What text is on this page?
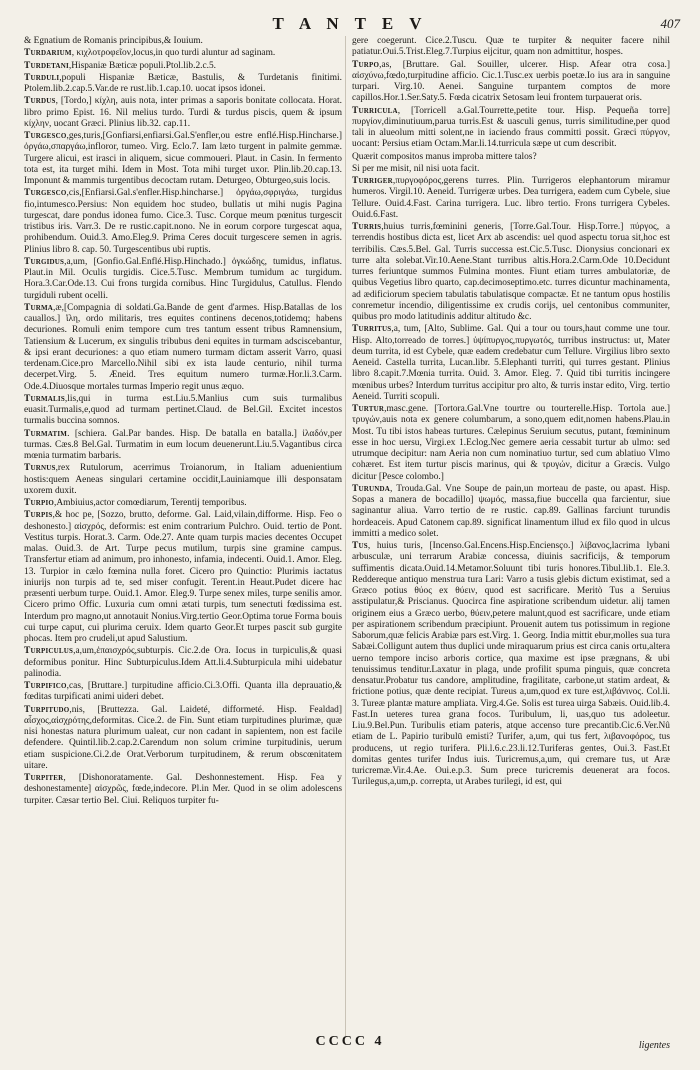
T A N T E V	407

& Egnatium de Romanis principibus,& Iouium.

Turdarium, κιχλοτροφεῖον,locus,in quo turdi aluntur ad saginam.

Turdetani,Hispaniæ Bæticæ populi.Ptol.lib.2.c.5.

Turduli,populi Hispaniæ Bæticæ, Bastulis, & Turdetanis finitimi. Ptolem.lib.2.cap.5.Var.de re rust.lib.1.cap.10. uocat ipsos idonei.

Turdus, [Tordo,] κίχλη, auis nota, inter primas a saporis bonitate collocata. Horat. libro primo Epist. 16. Nil melius turdo. Turdi & turdus piscis, quem & ipsum κίχλην, uocant Græci. Plinius lib.32. cap.11.

Turgesco,ges,turis,[Gonfiarsi,enfiarsi.Gal.S'enfler,ou estre enflé.Hisp.Hincharse.] ὀργάω,σπαργάω,infloror, tumeo. Virg. Eclo.7. Iam læto turgent in palmite gemmæ. Turgere alicui, est irasci in aliquem, sicue commoueri. Plaut. in Casin. In fermento tota est, ita turget mihi. Idem in Most. Tota mihi turget uxor. Plin.lib.20.cap.13. Imponunt & mammis turgentibus decoctam rutam. Deturgeo, Obturgeo,suis locis.

Turgesco,cis,[Enfiarsi.Gal.s'enfler.Hisp.hincharse.] ὀργάω,σφριγάω, turgidus fio,intumesco.Persius: Non equidem hoc studeo, bullatis ut mihi nugis Pagina turgescat, dare pondus idonea fumo. Cice.3. Tusc. Corque meum pœnitus turgescit tristibus iris. Varr.3. De re rustic.capit.nono. Ne in eorum corpore turgescat aqua, prohibendum. Ouid.3. Amo.Eleg.9. Prima Ceres docuit turgescere semen in agris. Plinius libro 8. cap. 50. Turgescentibus ubi ruptis.

Turgidus,a,um, [Gonfio.Gal.Enflé.Hisp.Hinchado.] ὀγκώδης, tumidus, inflatus. Plaut.in Mil. Oculis turgidis. Cice.5.Tusc. Membrum tumidum ac turgidum. Hora.3.Car.Ode.13. Cui frons turgida cornibus. Hinc Turgidulus, Catullus. Flendo turgiduli rubent ocelli.

Turma,æ,[Compagnia di soldati.Ga.Bande de gent d'armes. Hisp.Batallas de los cauallos.] ἴλη, ordo militaris, tres equites continens decenos,totidemq; habens decuriones. Romuli enim tempore cum tres tantum essent tribus Ramnensium, Tatiensium & Lucerum, ex singulis tribubus deni equites in turmam adsciscebantur, & ipsi erant decuriones: a quo etiam numero turmam dictam asserit Varro, quasi terdenam.Cice.pro Marcello.Nihil sibi ex ista laude centurio, nihil turma decerpet.Virg. 5. Æneid. Tres equitum numero turmæ.Hor.li.3.Carm. Ode.4.Diuosque mortales turmas Imperio regit unus æquo.

Turmalis,lis,qui in turma est.Liu.5.Manlius cum suis turmalibus euasit.Turmalis,e,quod ad turmam pertinet.Claud. de Bel.Gil. Excitet incestos turmalis buccina somnos.

Turmatim. [schiera. Gal.Par bandes. Hisp. De batalla en batalla.] ἰλαδόν,per turmas. Cæs.8 Bel.Gal. Turmatim in eum locum deuenerunt.Liu.5.Vagantibus circa mœnia turmatim barbaris.

Turnus,rex Rutulorum, acerrimus Troianorum, in Italiam aduenientium hostis:quem Aeneas singulari certamine occidit,Lauiniamque illi desponsatam uxorem duxit.

Turpio,Ambiuius,actor comœdiarum, Terentij temporibus.

Turpis,& hoc pe, [Sozzo, brutto, deforme. Gal. Laid,vilain,difforme. Hisp. Feo o deshonesto.] αἰσχρός, deformis: est enim contrarium Pulchro. Ouid. tertio de Pont. Vestitus turpis. Horat.3. Carm. Ode.27. Ante quam turpis macies decentes Occupet malas. Ouid.3. de Art. Turpe pecus mutilum, turpis sine gramine campus. Transfertur etiam ad animum, pro inhonesto, infamia, indecenti. Ouid.1. Amor. Eleg. 13. Turpior in cælo fœmina nulla foret. Cicero pro Quinctio: Plurimis iactatus iniurijs non turpis ad te, sed miser confugit. Terent.in Heaut.Pudet dicere hac præsenti uerbum turpe. Ouid.1. Amor. Eleg.9. Turpe senex miles, turpe senilis amor. Cicero primo Offic. Luxuria cum omni ætati turpis, tum senectuti fœdissima est. Interdum pro magno,ut annotauit Nonius.Virg.tertio Geor.Optima torue Forma bouis cui turpe caput, cui plurima ceruix. Idem quarto Geor.Et turpes pascit sub gurgite phocas. Item pro crudeli,ut apud Salustium.

Turpiculus,a,um,ἐπαισχρός,subturpis. Cic.2.de Ora. Iocus in turpiculis,& quasi deformibus ponitur. Hinc Subturpiculus.Idem Att.li.4.Subturpicula mihi uidebatur palinodia.

Turpifico,cas, [Bruttare.] turpitudine afficio.Ci.3.Offi. Quanta illa deprauatio,& fœditas turpificati animi uideri debet.

Turpitudo,nis, [Bruttezza. Gal. Laideté, difformeté. Hisp. Fealdad] αἶσχος,αἰσχρότης,deformitas. Cice.2. de Fin. Sunt etiam turpitudines plurimæ, quæ nisi honestas natura plurimum ualeat, cur non cadant in sapientem, non est facile defendere. Quintil.lib.2.cap.2.Carendum non solum crimine turpitudinis, uerum etiam suspicione.Ci.2.de Orat.Verborum turpitudinem, & rerum obscœnitatem uitare.

Turpiter, [Dishonoratamente. Gal. Deshonnestement. Hisp. Fea y deshonestamente] αἰσχρῶς, fœde,indecore. Pl.in Mer. Quod in se olim adolescens turpiter. Cæsar tertio Bel. Ciui. Reliquos turpiter fu-

gere coegerunt. Cice.2.Tuscu. Quæ te turpiter & nequiter facere nihil patiatur.Oui.5.Trist.Eleg.7.Turpius eijcitur, quam non admittitur, hospes.

Turpo,as, [Bruttare. Gal. Souiller, ulcerer. Hisp. Afear otra cosa.] αἰσχύνω,fœdo,turpitudine afficio. Cic.1.Tusc.ex uerbis poetæ.Io ius ara in sanguine turpari. Virg.10. Aenei. Sanguine turpantem comptos de more capillos.Hor.1.Ser.Saty.5. Fœda cicatrix Setosam leui frontem turpauerat oris.

Turricula, [Torricell a.Gal.Tourrette,petite tour. Hisp. Pequeña torre] πυργίον,diminutiuum,parua turris.Est & uasculi genus, turris similitudine,per quod tali in alueolum mitti solent,ne in iaciendo fraus committi possit. Græci πύργον, uocant: Persius etiam Octam.Mar.li.14.turricula sæpe ut cum describit.

Quærit compositos manus improba mittere talos?

Si per me misit, nil nisi uota facit.

Turriger,πυργοφόρος,gerens turres. Plin. Turrigeros elephantorum miramur humeros. Virgil.10. Aeneid. Turrigeræ urbes. Dea turrigera, eadem cum Cybele, siue Tellure. Ouid.4.Fast. Carina turrigera. Luc. libro tertio. Frons turrigera Cybeles. Ouid.6.Fast.

Turris,huius turris,fœminini generis, [Torre.Gal.Tour. Hisp.Torre.] πύργος, a terrendis hostibus dicta est, licet Arx ab ascendis: uel quod aspectu torua sit,hoc est terribilis. Cæs.5.Bel. Gal. Turris successa est.Cic.5.Tusc. Dionysius concionari ex turre alta solebat.Vir.10.Aene.Stant turribus altis.Hora.2.Carm.Ode 10.Decidunt turres feriuntque summos Fulmina montes. Fiunt etiam turres ambulatoriæ, de quibus Vegetius libro quarto, cap.decimoseptimo.etc. turres dicuntur machinamenta, ad ædificiorum speciem tabulatis tabulatisque compactæ. Et ne tantum opus hostilis conremetur incendio, diligentissime ex crudis corijs, uel centonibus communiter, quibus pro modo latitudinis additur altitudo &c.

Turritus,a, tum, [Alto, Sublime. Gal. Qui a tour ou tours,haut comme une tour. Hisp. Alto,torreado de torres.] ὑψίπυργος,πυργωτός, turribus instructus: ut, Mater deum turrita, id est Cybele, quæ eadem credebatur cum Tellure. Virgilius libro sexto Aeneid. Castella turrita, Lucan.libr. 5.Elephanti turriti, qui turres gestant. Plinius libro 8.capit.7.Mœnia turrita. Ouid. 3. Amor. Eleg. 7. Quid tibi turritis incingere mœnibus urbes? Interdum turritus accipitur pro alto, & turris instar edito, Virg. tertio Aeneid. Turriti scopuli.

Turtur,masc.gene. [Tortora.Gal.Vne tourtre ou tourterelle.Hisp. Tortola aue.] τρυγών,auis nota ex genere columbarum, a sono,quem edit,nomen habens.Plau.in Most. Tu tibi istos habeas turtures. Cælepinus Seruium secutus, putant, fœmininum esse in hoc uersu, Virgi.ex 1.Eclog.Nec gemere aeria cessabit turtur ab ulmo: sed utrumque decipitur: nam Aeria non cum nominatiuo turtur, sed cum ablatiuo Vlmo cohæret. Est item turtur piscis marinus, qui & τρυγών, dicitur a Græcis. Vulgo dicitur [Pesce colombo.]

Turunda, Trouda.Gal. Vne Soupe de pain,un morteau de paste, ou apast. Hisp. Sopas a manera de bocadillo] ψωμός, massa,fiue buccella qua farcientur, siue saginantur aliua. Varro tertio de re rustic. cap.89. Gallinas farciunt turundis hordeaceis. Apud Catonem cap.89. significat linamentum illud ex filo quod in ulcus immitti a medico solet.

Tus, huius turis, [Incenso.Gal.Encens.Hisp.Enciensço.] λίβανος,lacrima lybani arbusculæ, uni terrarum Arabiæ concessa, diuinis sacrificijs, & temporum suffimentis dicata.Ouid.14.Metamor.Soluunt tibi turis honores.Tibul.lib.1. Ele.3. Reddereque antiquo menstrua tura Lari: Varro a tusis glebis dictum existimat, sed a Græco potius θύος ex θύειν, quod est sacrificare. Meritò Tus a Seruius asstipulatur,& Priscianus. Quocirca fine aspiratione scribendum uidetur. alij tamen originem eius a Græco uerbo, θύειν,petere malunt,quod est sacrificare, unde etiam per aspirationem scribendum præcipiunt. Prouenit autem tus potissimum in regione Saborum,quæ felicis Arabiæ pars est.Virg. 1. Georg. India mittit ebur,molles sua tura Sabæi.Colligunt autem thus duplici unde miraquarum prius est circa canis ortu,altera uerno tempore inciso arboris cortice, qua maxime est ipse prægnans, & ubi tenuissimus tenditur.Laxatur in plaga, unde profilit spuma pinguis, quæ concreta densatur.Probatur tus candore, amplitudine, fragilitate, carbone,ut statim ardeat, & frictione potius, quæ dente recipiat. Tureus a,um,quod ex ture est,λιβάνινος. Col.li. 3. Tureæ plantæ mature ampliata. Virg.4.Ge. Solis est turea uirga Sabæis. Ouid.lib.4. Fast.In ueteres turea grana focos. Turibulum, li, uas,quo tus adoleetur. Liu.9.Bel.Pun. Turibulis etiam pateris, atque accenso ture precantib.Cic.6.Ver.Nû etiam de L. Papirio turibulū emisti? Turifer, a,um, qui tus fert, λιβανοφόρος, tus producens, ut regio turifera. Pli.l.6.c.23.li.12.Turiferas gentes, Oui.3. Fast.Et domitas gentes turifer Indus iuis. Turicremus,a,um, qui cremare tus, ut Aræ turicremæ.Vir.4.Ae. Oui.e.p.3. Sum prece turicremis deuenerat ara focos. Turilegus,a,um,p. correpta, ut Arabes turilegi, id est, qui

CCCC 4	ligentes
